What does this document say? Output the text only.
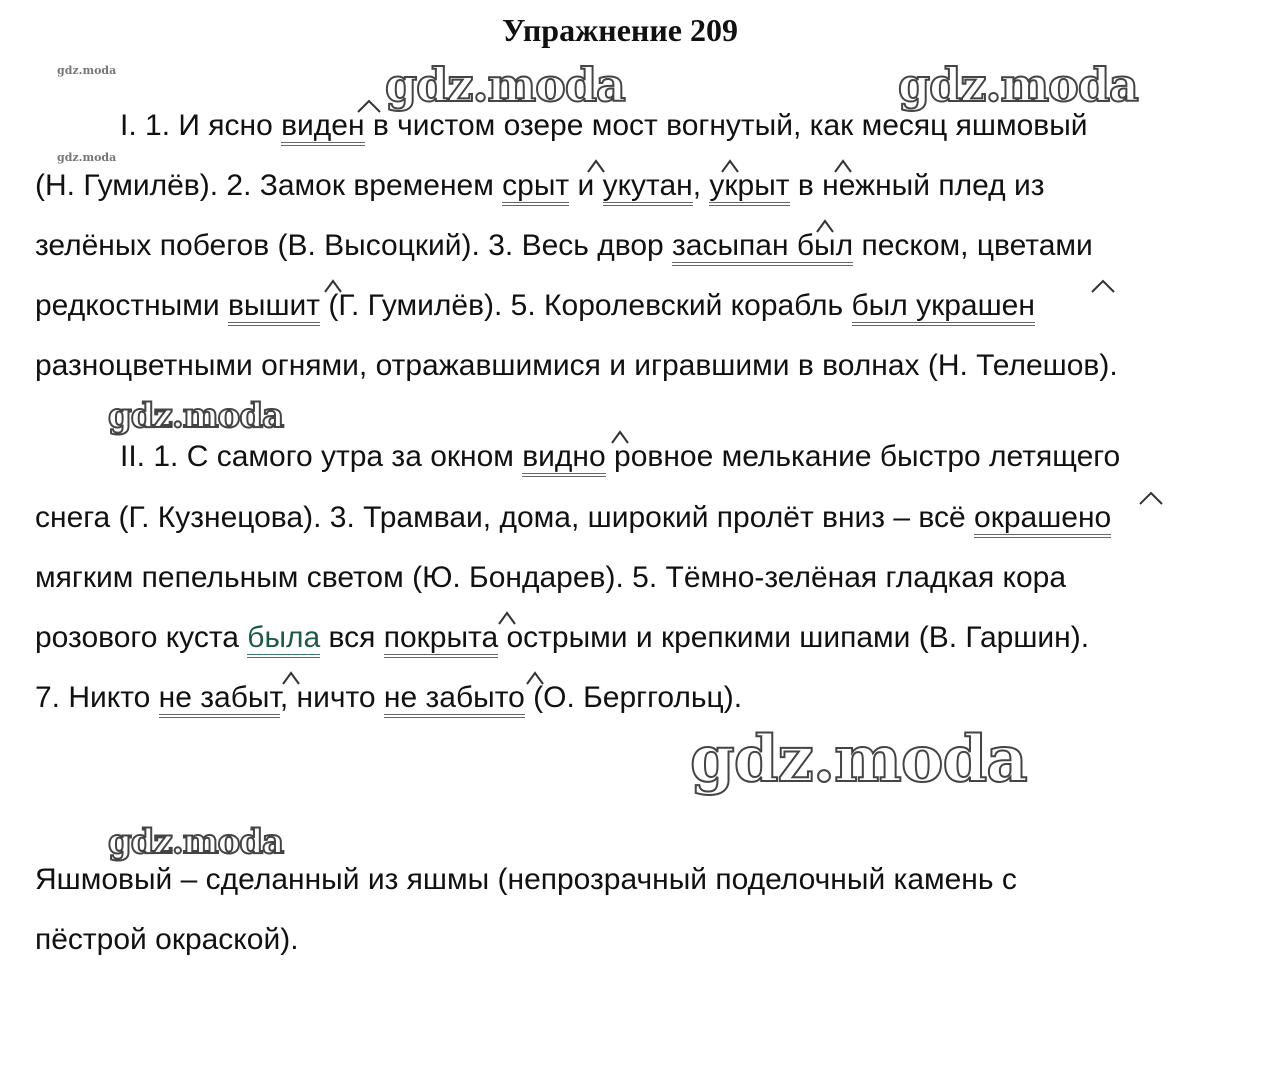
Упражнение 209
gdz.moda
gdz.moda
gdz.moda	gdz.moda
gdz.moda
gdz.moda
gdz.moda
I. 1. И ясно виден в чистом озере мост вогнутый, как месяц яшмовый
(Н. Гумилёв). 2. Замок временем срыт и укутан, укрыт в нежный плед из
зелёных побегов (В. Высоцкий). 3. Весь двор засыпан был песком, цветами
редкостными вышит (Г. Гумилёв). 5. Королевский корабль был украшен
разноцветными огнями, отражавшимися и игравшими в волнах (Н. Телешов).
II. 1. С самого утра за окном видно ровное мелькание быстро летящего
снега (Г. Кузнецова). 3. Трамваи, дома, широкий пролёт вниз – всё окрашено
мягким пепельным светом (Ю. Бондарев). 5. Тёмно-зелёная гладкая кора
розового куста была вся покрыта острыми и крепкими шипами (В. Гаршин).
7. Никто не забыт, ничто не забыто (О. Берггольц).
Яшмовый – сделанный из яшмы (непрозрачный поделочный камень с
пёстрой окраской).
